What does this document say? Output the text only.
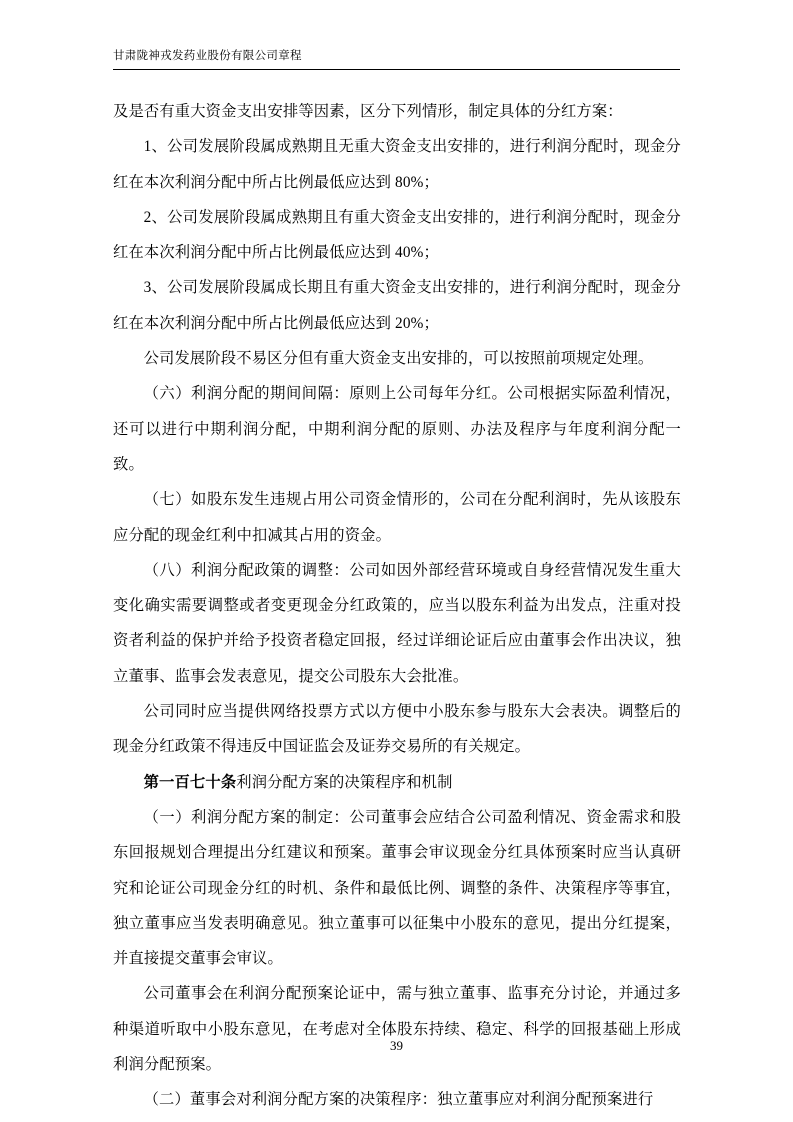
甘肃陇神戎发药业股份有限公司章程

及是否有重大资金支出安排等因素，区分下列情形，制定具体的分红方案：

1、公司发展阶段属成熟期且无重大资金支出安排的，进行利润分配时，现金分红在本次利润分配中所占比例最低应达到 80%；

2、公司发展阶段属成熟期且有重大资金支出安排的，进行利润分配时，现金分红在本次利润分配中所占比例最低应达到 40%；

3、公司发展阶段属成长期且有重大资金支出安排的，进行利润分配时，现金分红在本次利润分配中所占比例最低应达到 20%；

公司发展阶段不易区分但有重大资金支出安排的，可以按照前项规定处理。

（六）利润分配的期间间隔：原则上公司每年分红。公司根据实际盈利情况，还可以进行中期利润分配，中期利润分配的原则、办法及程序与年度利润分配一致。

（七）如股东发生违规占用公司资金情形的，公司在分配利润时，先从该股东应分配的现金红利中扣减其占用的资金。

（八）利润分配政策的调整：公司如因外部经营环境或自身经营情况发生重大变化确实需要调整或者变更现金分红政策的，应当以股东利益为出发点，注重对投资者利益的保护并给予投资者稳定回报，经过详细论证后应由董事会作出决议，独立董事、监事会发表意见，提交公司股东大会批准。

公司同时应当提供网络投票方式以方便中小股东参与股东大会表决。调整后的现金分红政策不得违反中国证监会及证券交易所的有关规定。

第一百七十条利润分配方案的决策程序和机制

（一）利润分配方案的制定：公司董事会应结合公司盈利情况、资金需求和股东回报规划合理提出分红建议和预案。董事会审议现金分红具体预案时应当认真研究和论证公司现金分红的时机、条件和最低比例、调整的条件、决策程序等事宜，独立董事应当发表明确意见。独立董事可以征集中小股东的意见，提出分红提案，并直接提交董事会审议。

公司董事会在利润分配预案论证中，需与独立董事、监事充分讨论，并通过多种渠道听取中小股东意见，在考虑对全体股东持续、稳定、科学的回报基础上形成利润分配预案。

（二）董事会对利润分配方案的决策程序：独立董事应对利润分配预案进行

39
